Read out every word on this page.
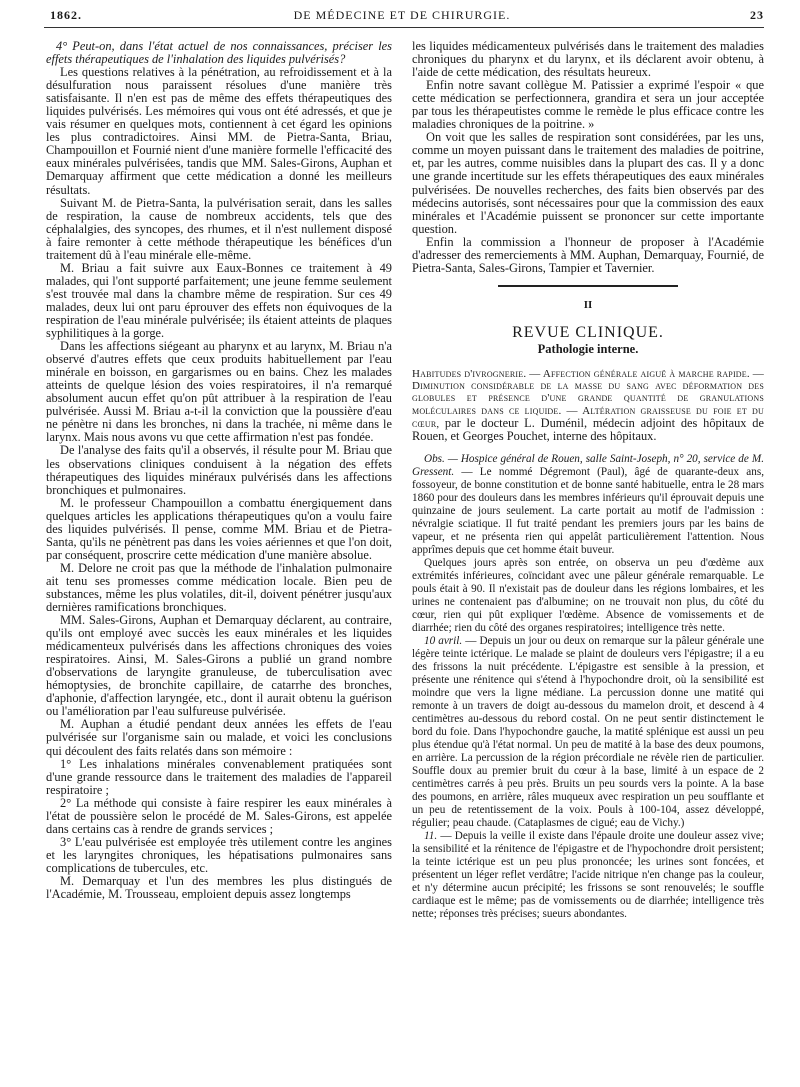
1862.	DE MÉDECINE ET DE CHIRURGIE.	23

4° Peut-on, dans l'état actuel de nos connaissances, préciser les effets thérapeutiques de l'inhalation des liquides pulvérisés?

Les questions relatives à la pénétration, au refroidissement et à la désulfuration nous paraissent résolues d'une manière très satisfaisante. Il n'en est pas de même des effets thérapeutiques des liquides pulvérisés. Les mémoires qui vous ont été adressés, et que je vais résumer en quelques mots, contiennent à cet égard les opinions les plus contradictoires. Ainsi MM. de Pietra-Santa, Briau, Champouillon et Fournié nient d'une manière formelle l'efficacité des eaux minérales pulvérisées, tandis que MM. Sales-Girons, Auphan et Demarquay affirment que cette médication a donné les meilleurs résultats.

Suivant M. de Pietra-Santa, la pulvérisation serait, dans les salles de respiration, la cause de nombreux accidents, tels que des céphalalgies, des syncopes, des rhumes, et il n'est nullement disposé à faire remonter à cette méthode thérapeutique les bénéfices d'un traitement dû à l'eau minérale elle-même.

M. Briau a fait suivre aux Eaux-Bonnes ce traitement à 49 malades, qui l'ont supporté parfaitement; une jeune femme seulement s'est trouvée mal dans la chambre même de respiration. Sur ces 49 malades, deux lui ont paru éprouver des effets non équivoques de la respiration de l'eau minérale pulvérisée; ils étaient atteints de plaques syphilitiques à la gorge.

Dans les affections siégeant au pharynx et au larynx, M. Briau n'a observé d'autres effets que ceux produits habituellement par l'eau minérale en boisson, en gargarismes ou en bains. Chez les malades atteints de quelque lésion des voies respiratoires, il n'a remarqué absolument aucun effet qu'on pût attribuer à la respiration de l'eau pulvérisée. Aussi M. Briau a-t-il la conviction que la poussière d'eau ne pénètre ni dans les bronches, ni dans la trachée, ni même dans le larynx. Mais nous avons vu que cette affirmation n'est pas fondée.

De l'analyse des faits qu'il a observés, il résulte pour M. Briau que les observations cliniques conduisent à la négation des effets thérapeutiques des liquides minéraux pulvérisés dans les affections bronchiques et pulmonaires.

M. le professeur Champouillon a combattu énergiquement dans quelques articles les applications thérapeutiques qu'on a voulu faire des liquides pulvérisés. Il pense, comme MM. Briau et de Pietra-Santa, qu'ils ne pénètrent pas dans les voies aériennes et que l'on doit, par conséquent, proscrire cette médication d'une manière absolue.

M. Delore ne croit pas que la méthode de l'inhalation pulmonaire ait tenu ses promesses comme médication locale. Bien peu de substances, même les plus volatiles, dit-il, doivent pénétrer jusqu'aux dernières ramifications bronchiques.

MM. Sales-Girons, Auphan et Demarquay déclarent, au contraire, qu'ils ont employé avec succès les eaux minérales et les liquides médicamenteux pulvérisés dans les affections chroniques des voies respiratoires. Ainsi, M. Sales-Girons a publié un grand nombre d'observations de laryngite granuleuse, de tuberculisation avec hémoptysies, de bronchite capillaire, de catarrhe des bronches, d'aphonie, d'affection laryngée, etc., dont il aurait obtenu la guérison ou l'amélioration par l'eau sulfureuse pulvérisée.

M. Auphan a étudié pendant deux années les effets de l'eau pulvérisée sur l'organisme sain ou malade, et voici les conclusions qui découlent des faits relatés dans son mémoire :

1° Les inhalations minérales convenablement pratiquées sont d'une grande ressource dans le traitement des maladies de l'appareil respiratoire ;

2° La méthode qui consiste à faire respirer les eaux minérales à l'état de poussière selon le procédé de M. Sales-Girons, est appelée dans certains cas à rendre de grands services ;

3° L'eau pulvérisée est employée très utilement contre les angines et les laryngites chroniques, les hépatisations pulmonaires sans complications de tubercules, etc.

M. Demarquay et l'un des membres les plus distingués de l'Académie, M. Trousseau, emploient depuis assez longtemps

les liquides médicamenteux pulvérisés dans le traitement des maladies chroniques du pharynx et du larynx, et ils déclarent avoir obtenu, à l'aide de cette médication, des résultats heureux.

Enfin notre savant collègue M. Patissier a exprimé l'espoir « que cette médication se perfectionnera, grandira et sera un jour acceptée par tous les thérapeutistes comme le remède le plus efficace contre les maladies chroniques de la poitrine. »

On voit que les salles de respiration sont considérées, par les uns, comme un moyen puissant dans le traitement des maladies de poitrine, et, par les autres, comme nuisibles dans la plupart des cas. Il y a donc une grande incertitude sur les effets thérapeutiques des eaux minérales pulvérisées. De nouvelles recherches, des faits bien observés par des médecins autorisés, sont nécessaires pour que la commission des eaux minérales et l'Académie puissent se prononcer sur cette importante question.

Enfin la commission a l'honneur de proposer à l'Académie d'adresser des remerciements à MM. Auphan, Demarquay, Fournié, de Pietra-Santa, Sales-Girons, Tampier et Tavernier.

II
REVUE CLINIQUE.
Pathologie interne.

Habitudes d'ivrognerie. — Affection générale aiguë à marche rapide. — Diminution considérable de la masse du sang avec déformation des globules et présence d'une grande quantité de granulations moléculaires dans ce liquide. — Altération graisseuse du foie et du cœur, par le docteur L. Duménil, médecin adjoint des hôpitaux de Rouen, et Georges Pouchet, interne des hôpitaux.

Obs. — Hospice général de Rouen, salle Saint-Joseph, n° 20, service de M. Gressent. — Le nommé Dégremont (Paul), âgé de quarante-deux ans, fossoyeur, de bonne constitution et de bonne santé habituelle, entra le 28 mars 1860 pour des douleurs dans les membres inférieurs qu'il éprouvait depuis une quinzaine de jours seulement. La carte portait au motif de l'admission : névralgie sciatique. Il fut traité pendant les premiers jours par les bains de vapeur, et ne présenta rien qui appelât particulièrement l'attention. Nous apprîmes depuis que cet homme était buveur.

Quelques jours après son entrée, on observa un peu d'œdème aux extrémités inférieures, coïncidant avec une pâleur générale remarquable. Le pouls était à 90. Il n'existait pas de douleur dans les régions lombaires, et les urines ne contenaient pas d'albumine; on ne trouvait non plus, du côté du cœur, rien qui pût expliquer l'œdème. Absence de vomissements et de diarrhée; rien du côté des organes respiratoires; intelligence très nette.

10 avril. — Depuis un jour ou deux on remarque sur la pâleur générale une légère teinte ictérique. Le malade se plaint de douleurs vers l'épigastre; il a eu des frissons la nuit précédente. L'épigastre est sensible à la pression, et présente une rénitence qui s'étend à l'hypochondre droit, où la sensibilité est moindre que vers la ligne médiane. La percussion donne une matité qui remonte à un travers de doigt au-dessous du mamelon droit, et descend à 4 centimètres au-dessous du rebord costal. On ne peut sentir distinctement le bord du foie. Dans l'hypochondre gauche, la matité splénique est aussi un peu plus étendue qu'à l'état normal. Un peu de matité à la base des deux poumons, en arrière. La percussion de la région précordiale ne révèle rien de particulier. Souffle doux au premier bruit du cœur à la base, limité à un espace de 2 centimètres carrés à peu près. Bruits un peu sourds vers la pointe. A la base des poumons, en arrière, râles muqueux avec respiration un peu soufflante et un peu de retentissement de la voix. Pouls à 100-104, assez développé, régulier; peau chaude. (Cataplasmes de cigué; eau de Vichy.)

11. — Depuis la veille il existe dans l'épaule droite une douleur assez vive; la sensibilité et la rénitence de l'épigastre et de l'hypochondre droit persistent; la teinte ictérique est un peu plus prononcée; les urines sont foncées, et présentent un léger reflet verdâtre; l'acide nitrique n'en change pas la couleur, et n'y détermine aucun précipité; les frissons se sont renouvelés; le souffle cardiaque est le même; pas de vomissements ou de diarrhée; intelligence très nette; réponses très précises; sueurs abondantes.
